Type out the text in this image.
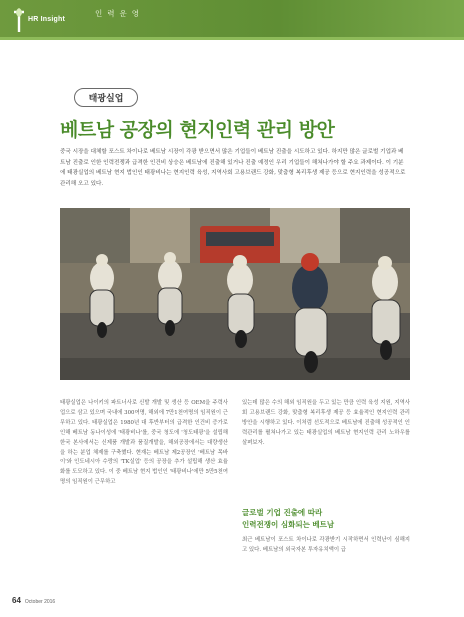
HR Insight
인력운영
태광실업
베트남 공장의 현지인력 관리 방안

중국 시장을 대체할 포스트 차이나로 베트남 시장이 각광 받으면서 많은 기업들이 베트남 진출을 시도하고 있다. 하지만 많은 글로벌 기업과 베트남 진출로 인한 인력전쟁과 급격한 인건비 상승은 베트남에 진출해 있거나 진출 예정인 우리 기업들이 해쳐나가야 할 주요 과제이다. 이 기분에 태광실업의 베트남 현지 법인인 태광비나는 현지인력 육성, 지역사회 고용브랜드 강화, 맞춤형 복리후생 제공 등으로 현지인력을 성공적으로 관리해 오고 있다.

태광실업은 나이키의 파트너사로 신발 개발 및 생산 등 OEM을 주력사업으로 삼고 있으며 국내에 300여명, 해외에 7만1천여명의 임직원이 근무하고 있다. 태광실업은 1980년 대 후반부터의 급격한 인건비 증가로 인해 베트남 동나이성에 '태광비나'를, 중국 청도에 '청도태광'을 설립해 한국 본사에서는 신제품 개발과 품질개발을, 해외공장에서는 대량생산을 하는 분업 체제를 구축했다. 현재는 베트남 제2공장인 '베트남 목바이'와 인도네시아 수랑의 'TK실업' 등의 공장을 추가 설립해 생산 효율화를 도모하고 있다. 이 중 베트남 현지 법인인 '태광비나'에만 5만5천여명의 임직원이 근무하고

있는데 많은 수의 해외 임직원을 두고 있는 만큼 인력 육성 지원, 지역사회 고용브랜드 강화, 맞춤형 복리후생 제공 등 효율적인 현지인력 관리방안을 시행하고 있다. 이처럼 선도적으로 베트남에 진출해 성공적인 인력관리를 펼쳐나가고 있는 태광실업의 베트남 현지인력 관리 노하우를 살펴보자.

글로벌 기업 진출에 따라
인력전쟁이 심화되는 베트남

최근 베트남이 포스트 차이나로 각광받기 시작하면서 인력난이 심해지고 있다. 베트남의 외국자본 투자유치액이 급

64 October 2016
